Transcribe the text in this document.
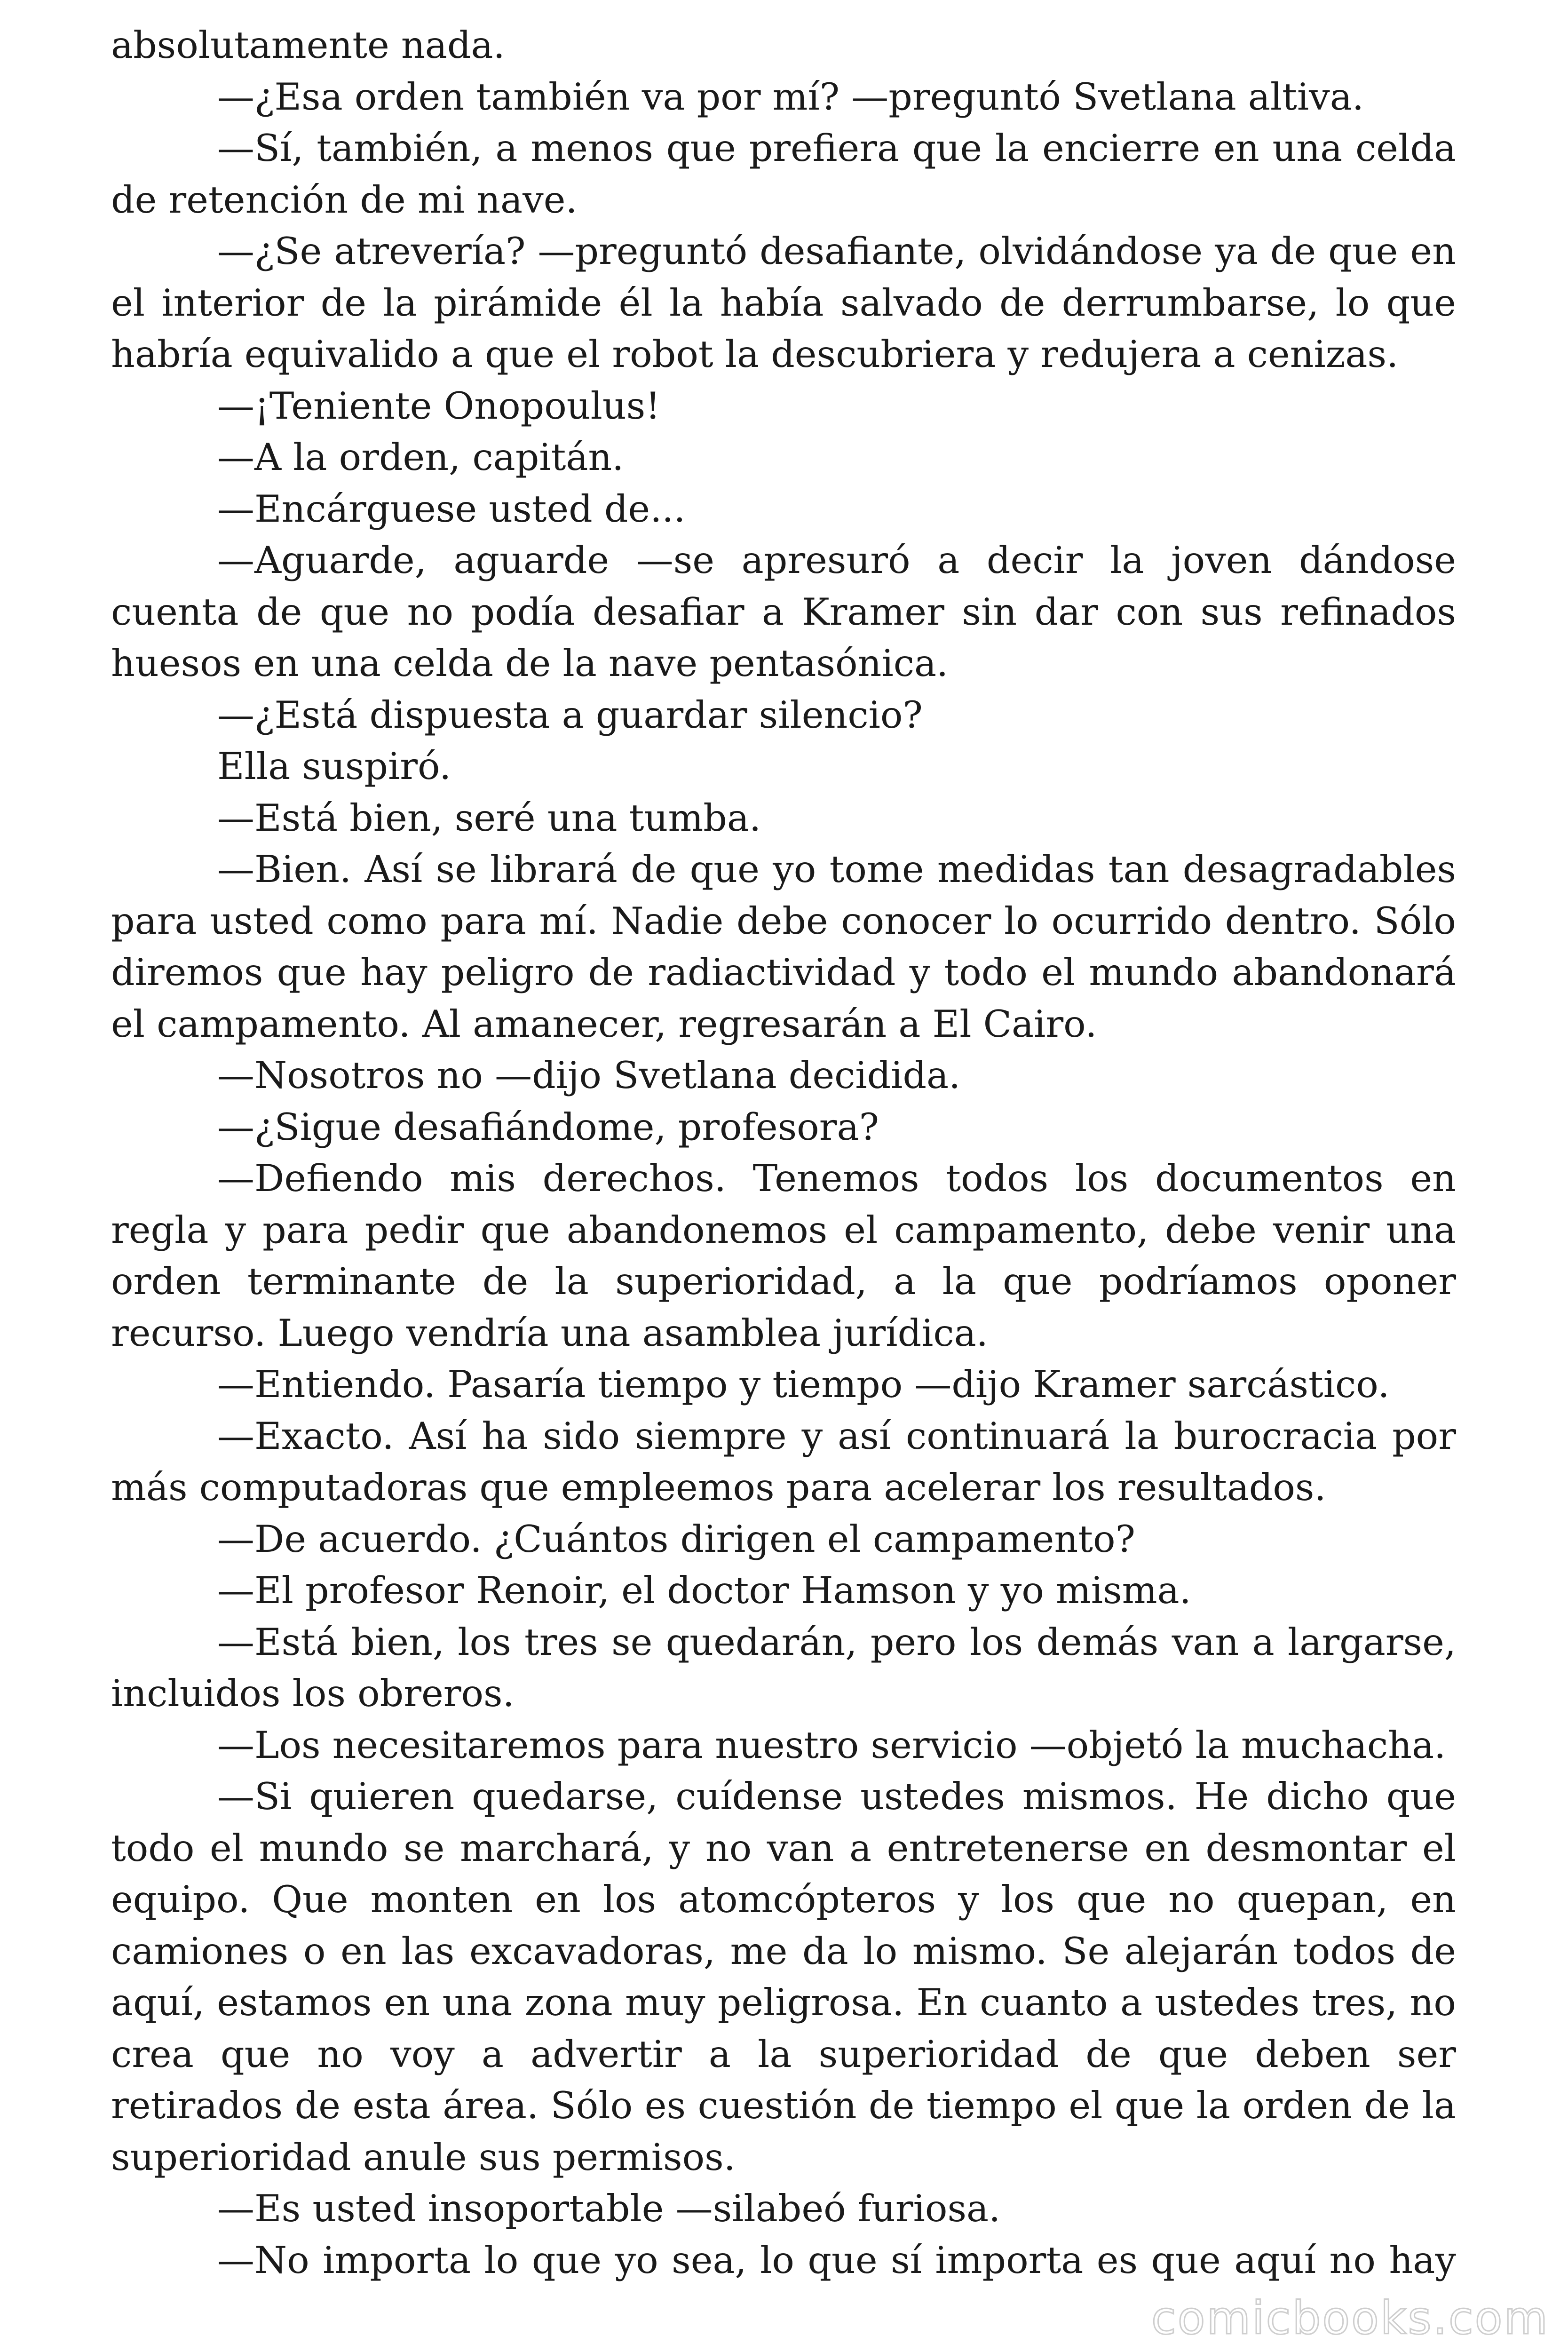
absolutamente nada.

—¿Esa orden también va por mí? —preguntó Svetlana altiva.

—Sí, también, a menos que prefiera que la encierre en una celda de retención de mi nave.

—¿Se atrevería? —preguntó desafiante, olvidándose ya de que en el interior de la pirámide él la había salvado de derrumbarse, lo que habría equivalido a que el robot la descubriera y redujera a cenizas.

—¡Teniente Onopoulus!

—A la orden, capitán.

—Encárguese usted de...

—Aguarde, aguarde —se apresuró a decir la joven dándose cuenta de que no podía desafiar a Kramer sin dar con sus refinados huesos en una celda de la nave pentasónica.

—¿Está dispuesta a guardar silencio?

Ella suspiró.

—Está bien, seré una tumba.

—Bien. Así se librará de que yo tome medidas tan desagradables para usted como para mí. Nadie debe conocer lo ocurrido dentro. Sólo diremos que hay peligro de radiactividad y todo el mundo abandonará el campamento. Al amanecer, regresarán a El Cairo.

—Nosotros no —dijo Svetlana decidida.

—¿Sigue desafiándome, profesora?

—Defiendo mis derechos. Tenemos todos los documentos en regla y para pedir que abandonemos el campamento, debe venir una orden terminante de la superioridad, a la que podríamos oponer recurso. Luego vendría una asamblea jurídica.

—Entiendo. Pasaría tiempo y tiempo —dijo Kramer sarcástico.

—Exacto. Así ha sido siempre y así continuará la burocracia por más computadoras que empleemos para acelerar los resultados.

—De acuerdo. ¿Cuántos dirigen el campamento?

—El profesor Renoir, el doctor Hamson y yo misma.

—Está bien, los tres se quedarán, pero los demás van a largarse, incluidos los obreros.

—Los necesitaremos para nuestro servicio —objetó la muchacha.

—Si quieren quedarse, cuídense ustedes mismos. He dicho que todo el mundo se marchará, y no van a entretenerse en desmontar el equipo. Que monten en los atomcópteros y los que no quepan, en camiones o en las excavadoras, me da lo mismo. Se alejarán todos de aquí, estamos en una zona muy peligrosa. En cuanto a ustedes tres, no crea que no voy a advertir a la superioridad de que deben ser retirados de esta área. Sólo es cuestión de tiempo el que la orden de la superioridad anule sus permisos.

—Es usted insoportable —silabeó furiosa.

—No importa lo que yo sea, lo que sí importa es que aquí no hay

comicbooks.com
